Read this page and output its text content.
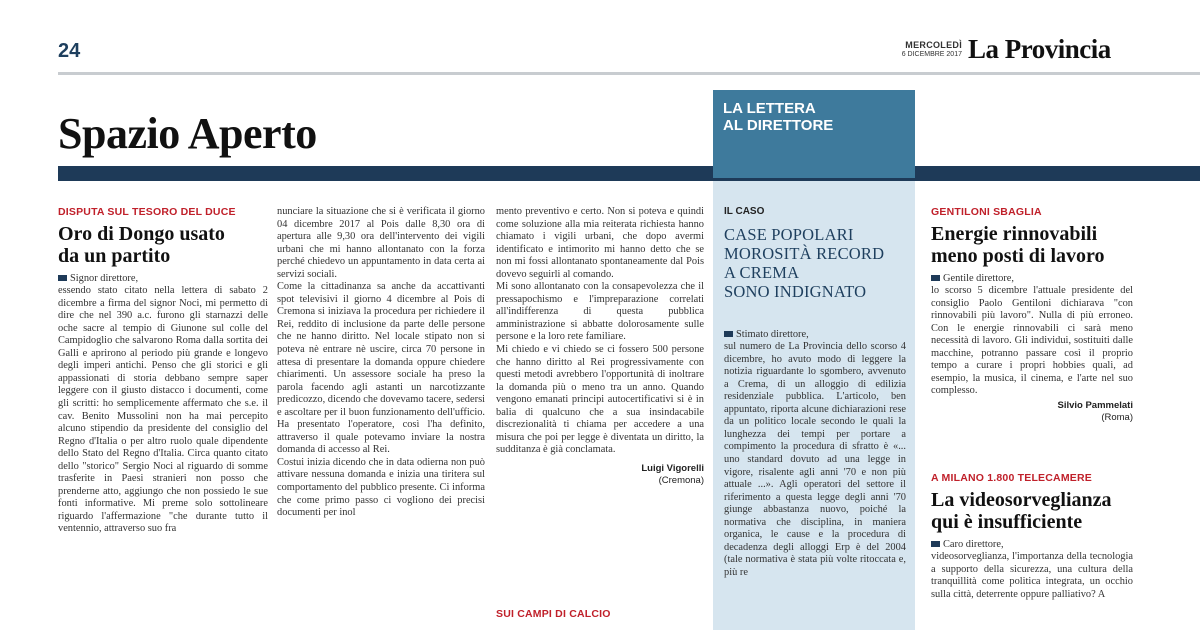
24	MERCOLEDÌ
6 DICEMBRE 2017 La Provincia
Spazio Aperto
LA LETTERA
AL DIRETTORE
DISPUTA SUL TESORO DEL DUCE
Oro di Dongo usato
da un partito

Signor direttore,
essendo stato citato nella lettera di sabato 2 dicembre a firma del signor Noci, mi permetto di dire che nel 390 a.c. furono gli starnazzi delle oche sacre al tempio di Giunone sul colle del Campidoglio che salvarono Roma dalla sortita dei Galli e aprirono al periodo più grande e longevo degli imperi antichi. Penso che gli storici e gli appassionati di storia debbano sempre saper leggere con il giusto distacco i documenti, come gli scritti: ho semplicemente affermato che s.e. il cav. Benito Mussolini non ha mai percepito alcuno stipendio da presidente del consiglio del Regno d'Italia o per altro ruolo quale dipendente dello Stato del Regno d'Italia. Circa quanto citato dello "storico" Sergio Noci al riguardo di somme trasferite in Paesi stranieri non posso che prenderne atto, aggiungo che non possiedo le sue fonti informative. Mi preme solo sottolineare riguardo l'affermazione "che durante tutto il ventennio, attraverso suo fra

nunciare la situazione che si è verificata il giorno 04 dicembre 2017 al Pois dalle 8,30 ora di apertura alle 9,30 ora dell'intervento dei vigili urbani che mi hanno allontanato con la forza perché chiedevo un appuntamento in data certa ai servizi sociali.

Come la cittadinanza sa anche da accattivanti spot televisivi il giorno 4 dicembre al Pois di Cremona si iniziava la procedura per richiedere il Rei, reddito di inclusione da parte delle persone che ne hanno diritto. Nel locale stipato non si poteva nè entrare nè uscire, circa 70 persone in attesa di presentare la domanda oppure chiedere chiarimenti. Un assessore sociale ha preso la parola facendo agli astanti un narcotizzante predicozzo, dicendo che dovevamo tacere, sedersi e ascoltare per il buon funzionamento dell'ufficio. Ha presentato l'operatore, così l'ha definito, attraverso il quale potevamo inviare la nostra domanda di accesso al Rei.

Costui inizia dicendo che in data odierna non può attivare nessuna domanda e inizia una tiritera sul comportamento del pubblico presente. Ci informa che come primo passo ci vogliono dei precisi documenti per inol

mento preventivo e certo. Non si poteva e quindi come soluzione alla mia reiterata richiesta hanno chiamato i vigili urbani, che dopo avermi identificato e intimorito mi hanno detto che se non mi fossi allontanato spontaneamente dal Pois dovevo seguirli al comando.

Mi sono allontanato con la consapevolezza che il pressapochismo e l'impreparazione correlati all'indifferenza di questa pubblica amministrazione si abbatte dolorosamente sulle persone e la loro rete familiare.

Mi chiedo e vi chiedo se ci fossero 500 persone che hanno diritto al Rei progressivamente con questi metodi avrebbero l'opportunità di inoltrare la domanda più o meno tra un anno. Quando vengono emanati principi autocertificativi si è in balia di qualcuno che a sua insindacabile discrezionalità ti chiama per accedere a una misura che poi per legge è diventata un diritto, la sudditanza è già conclamata.

Luigi Vigorelli
(Cremona)
SUI CAMPI DI CALCIO
IL CASO
CASE POPOLARI
MOROSITÀ RECORD
A CREMA
SONO INDIGNATO

Stimato direttore,
sul numero de La Provincia dello scorso 4 dicembre, ho avuto modo di leggere la notizia riguardante lo sgombero, avvenuto a Crema, di un alloggio di edilizia residenziale pubblica. L'articolo, ben appuntato, riporta alcune dichiarazioni rese da un politico locale secondo le quali la lunghezza dei tempi per portare a compimento la procedura di sfratto è «... uno standard dovuto ad una legge in vigore, risalente agli anni '70 e non più attuale ...». Agli operatori del settore il riferimento a questa legge degli anni '70 giunge abbastanza nuovo, poiché la normativa che disciplina, in maniera organica, le cause e la procedura di decadenza degli alloggi Erp è del 2004 (tale normativa è stata più volte ritoccata e, più re

GENTILONI SBAGLIA
Energie rinnovabili
meno posti di lavoro

Gentile direttore,
lo scorso 5 dicembre l'attuale presidente del consiglio Paolo Gentiloni dichiarava "con rinnovabili più lavoro". Nulla di più erroneo. Con le energie rinnovabili ci sarà meno necessità di lavoro. Gli individui, sostituiti dalle macchine, potranno passare così il proprio tempo a curare i propri hobbies quali, ad esempio, la musica, il cinema, e l'arte nel suo complesso.

Silvio Pammelati
(Roma)
A MILANO 1.800 TELECAMERE
La videosorveglianza
qui è insufficiente

Caro direttore,
videosorveglianza, l'importanza della tecnologia a supporto della sicurezza, una cultura della tranquillità come politica integrata, un occhio sulla città, deterrente oppure palliativo? A
